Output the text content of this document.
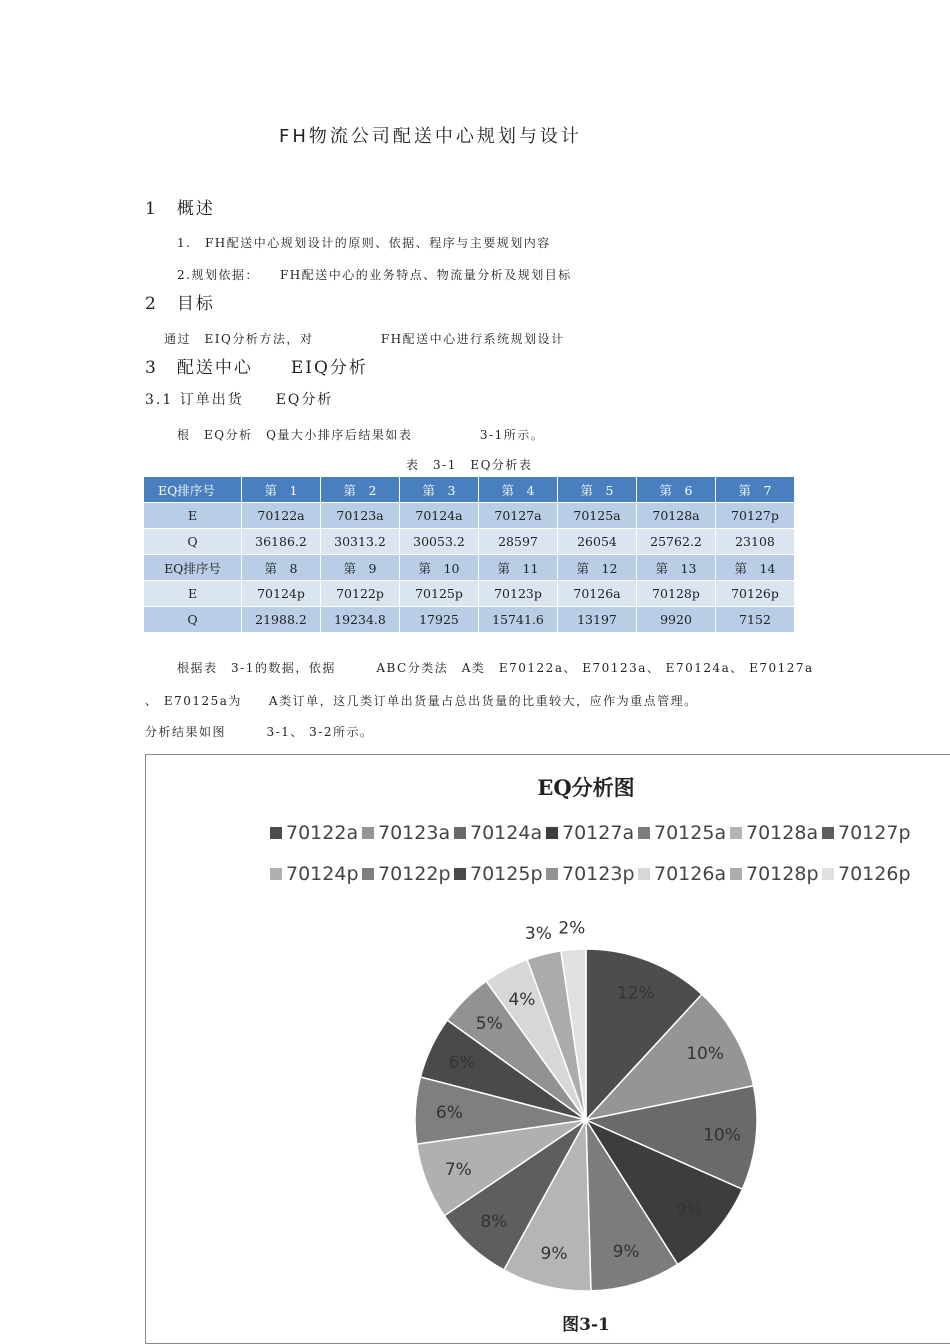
FH物流公司配送中心规划与设计
1　概述
1.　FH配送中心规划设计的原则、依据、程序与主要规划内容
2.规划依据：　　FH配送中心的业务特点、物流量分析及规划目标
2　目标
通过　EIQ分析方法，对　　　　　FH配送中心进行系统规划设计
3　配送中心　　EIQ分析
3.1 订单出货　　EQ分析
根　EQ分析　Q量大小排序后结果如表　　　　　3-1所示。
表　3-1　EQ分析表
EQ排序号	第　1	第　2	第　3	第　4	第　5	第　6	第　7
E	70122a	70123a	70124a	70127a	70125a	70128a	70127p
Q	36186.2	30313.2	30053.2	28597	26054	25762.2	23108
EQ排序号	第　8	第　9	第　10	第　11	第　12	第　13	第　14
E	70124p	70122p	70125p	70123p	70126a	70128p	70126p
Q	21988.2	19234.8	17925	15741.6	13197	9920	7152
根据表　3-1的数据，依据　　　ABC分类法　A类　E70122a、 E70123a、 E70124a、 E70127a
、 E70125a为　　A类订单，这几类订单出货量占总出货量的比重较大，应作为重点管理。
分析结果如图　　　3-1、 3-2所示。
EQ分析图
70122a 70123a 70124a 70127a 70125a 70128a 70127p
70124p 70122p 70125p 70123p 70126a 70128p 70126p
12%
10%
10%
9%
9%
9%
8%
7%
6%
6%
5%
4%
3% 2%
图3-1
